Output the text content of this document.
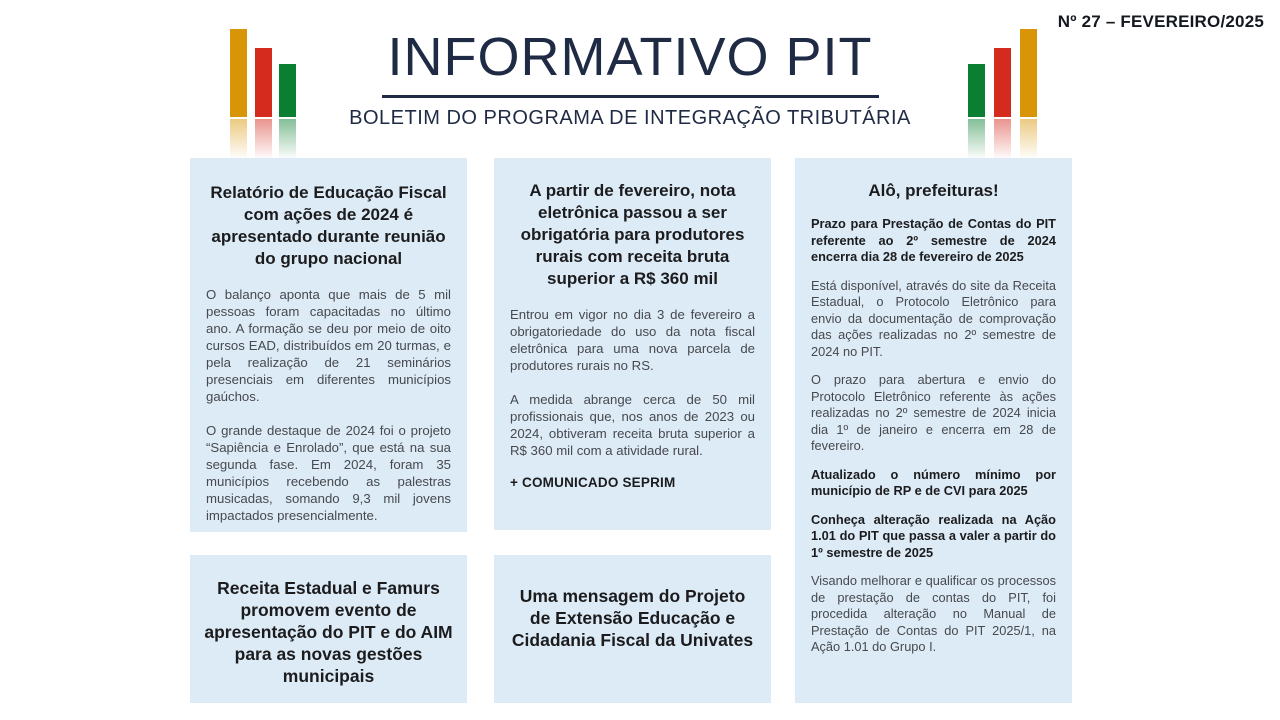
Nº 27 – FEVEREIRO/2025
INFORMATIVO PIT
BOLETIM DO PROGRAMA DE INTEGRAÇÃO TRIBUTÁRIA
Relatório de Educação Fiscal com ações de 2024 é apresentado durante reunião do grupo nacional

O balanço aponta que mais de 5 mil pessoas foram capacitadas no último ano. A formação se deu por meio de oito cursos EAD, distribuídos em 20 turmas, e pela realização de 21 seminários presenciais em diferentes municípios gaúchos.

O grande destaque de 2024 foi o projeto “Sapiência e Enrolado”, que está na sua segunda fase. Em 2024, foram 35 municípios recebendo as palestras musicadas, somando 9,3 mil jovens impactados presencialmente.

A partir de fevereiro, nota eletrônica passou a ser obrigatória para produtores rurais com receita bruta superior a R$ 360 mil

Entrou em vigor no dia 3 de fevereiro a obrigatoriedade do uso da nota fiscal eletrônica para uma nova parcela de produtores rurais no RS.

A medida abrange cerca de 50 mil profissionais que, nos anos de 2023 ou 2024, obtiveram receita bruta superior a R$ 360 mil com a atividade rural.

+ COMUNICADO SEPRIM
Alô, prefeituras!

Prazo para Prestação de Contas do PIT referente ao 2º semestre de 2024 encerra dia 28 de fevereiro de 2025

Está disponível, através do site da Receita Estadual, o Protocolo Eletrônico para envio da documentação de comprovação das ações realizadas no 2º semestre de 2024 no PIT.

O prazo para abertura e envio do Protocolo Eletrônico referente às ações realizadas no 2º semestre de 2024 inicia dia 1º de janeiro e encerra em 28 de fevereiro.

Atualizado o número mínimo por município de RP e de CVI para 2025

Conheça alteração realizada na Ação 1.01 do PIT que passa a valer a partir do 1º semestre de 2025

Visando melhorar e qualificar os processos de prestação de contas do PIT, foi procedida alteração no Manual de Prestação de Contas do PIT 2025/1, na Ação 1.01 do Grupo I.

Receita Estadual e Famurs promovem evento de apresentação do PIT e do AIM para as novas gestões municipais
Uma mensagem do Projeto de Extensão Educação e Cidadania Fiscal da Univates
